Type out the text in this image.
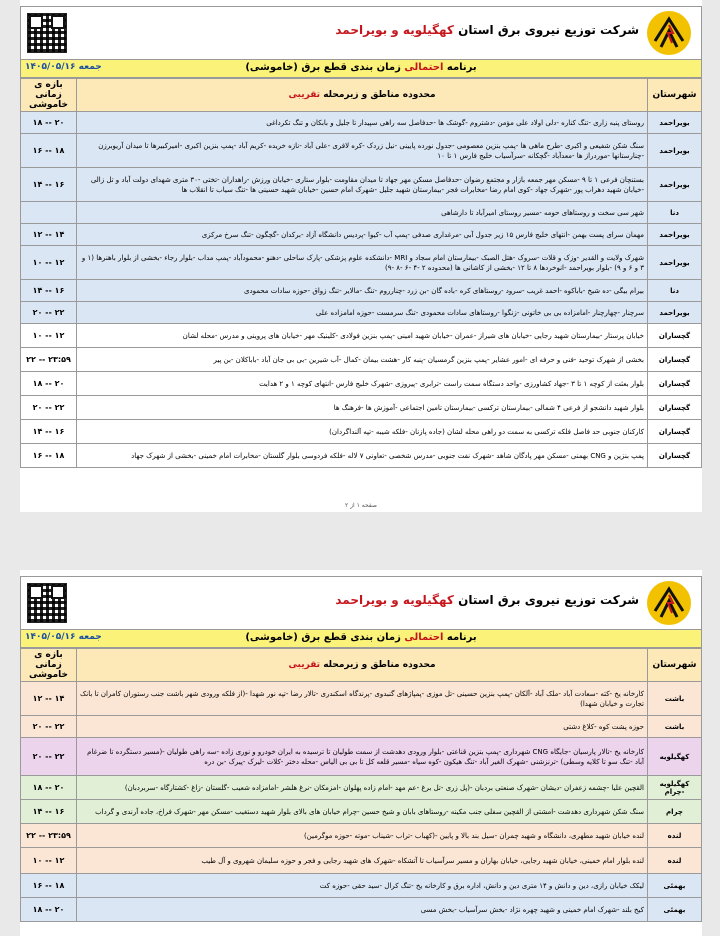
شرکت توزیع نیروی برق استان کهگیلویه و بویراحمد
برنامه احتمالی زمان بندی قطع برق (خاموشی)
جمعه ۱۴۰۵/۰۵/۱۶
شهرستان	محدوده مناطق و زیرمحله تقریبی	بازه ی زمانی خاموشی
بویراحمد	روستای پنبه زاری -تنگ کناره -دلی اولاد علی مؤمن -دشتروم -گوشک ها -حدفاصل سه راهی سپیدار تا جلیل و بابکان و تنگ تکرداغی	۱۸ -- ۲۰
بویراحمد	سنگ شکن شفیعی و اکبری -طرح ماهی ها -پمپ بنزین معصومی -جدول نورده پایینی -نیل زردک -کره لافری -علی آباد -نازه خریده -کریم آباد -پمپ بنزین اکبری -امیرکبیرها تا میدان آریوبرزن -چنارستانها -موردراز ها -معدآباد -گچکانه -سرآسیاب خلیج فارس ۱ تا ۱۰	۱۶ -- ۱۸
بویراحمد	بستنچان فرعی ۱ تا ۹ -مسکن مهر جمعه بازار و مجتمع رضوان -حدفاصل مسکن مهر جهاد تا میدان مقاومت -بلوار ستاری -خیابان ورزش -راهداران -تختی -۳۰ متری شهدای دولت آباد و تل زالی -خیابان شهید دهراب پور -شهرک جهاد -کوی امام رضا -مخابرات فجر -بیمارستان شهید جلیل -شهرک امام حسین -خیابان شهید حسینی ها -تنگ سیاب تا انقلاب ها	۱۴ -- ۱۶
دنا	شهر سی سخت و روستاهای حومه -مسیر روستای امیرآباد تا دارشاهی	
بویراحمد	مهمان سرای پست بهمن -انتهای خلیج فارس ۱۵ زیر جدول آبی -مرغداری صدفی -پمپ آب -کیوا -پردیس دانشگاه آزاد -برکدان -گچگون -تنگ سرخ مرکزی	۱۲ -- ۱۴
بویراحمد	شهرک ولایت و القدیر -وزک و قلات -سروک -هتل الصبک -بیمارستان امام سجاد و MRI -دانشکده علوم پزشکی -پارک ساحلی -دهنو -محمودآباد -پمپ مداب -بلوار رجاء -بخشی از بلوار باهنرها (۱ و ۳ و ۶ و ۹) -بلوار بویراحمد -انوخردها ۸ تا ۱۲ -بخشی از کاشانی ها (محدوده ۲ -۴ -۶ -۸ -۹)	۱۰ -- ۱۲
دنا	بیرام بیگی -ده شیخ -باباکوه -احمد غریب -سرود -روستاهای کره -باده گان -بن زرد -چنارروم -تنگ -مالایر -تنگ زواق -حوزه سادات محمودی	۱۴ -- ۱۶
بویراحمد	سرچنار -چهارچنار -امامزاده بی بی خاتونی -زنگوا -روستاهای سادات محمودی -تنگ سرمست -حوزه امامزاده علی	۲۰ -- ۲۲
گچساران	خیابان پرستار -بیمارستان شهید رجایی -خیابان های شیراز -عمران -خیابان شهید امینی -پمپ بنزین فولادی -کلینیک مهر -خیابان های پروینی و مدرس -محله لشان	۱۰ -- ۱۲
گچساران	بخشی از شهرک توحید -فنی و حرفه ای -امور عشایر -پمپ بنزین گرمسیان -پنبه کار -هشت بیمان -کمال -آب شیرین -بی بی جان آباد -باباکلان -بن پیر	۲۲ -- ۲۳:۵۹
گچساران	بلوار بعثت از کوچه ۱ تا ۳ -جهاد کشاورزی -واحد دستگاه سمت راست -ترابری -پیروزی -شهرک خلیج فارس -انتهای کوچه ۱ و ۲ هدایت	۱۸ -- ۲۰
گچساران	بلوار شهید دانشجو از فرعی ۴ شمالی -بیمارستان ترکسی -بیمارستان تامین اجتماعی -آموزش ها -فرهنگ ها	۲۰ -- ۲۲
گچساران	کارکنان جنوبی حد فاصل فلکه ترکسی به سمت دو راهی محله لشان (جاده پازنان -فلکه شیبه -تپه آلنداگردان)	۱۴ -- ۱۶
گچساران	پمپ بنزین و CNG بهمنی -مسکن مهر پادگان شاهد -شهرک نفت جنوبی -مدرس شخصی -تعاونی ۷ لاله -فلکه فردوسی بلوار گلستان -مخابرات امام خمینی -بخشی از شهرک جهاد	۱۶ -- ۱۸
صفحه ۱ از ۲
شرکت توزیع نیروی برق استان کهگیلویه و بویراحمد
برنامه احتمالی زمان بندی قطع برق (خاموشی)
جمعه ۱۴۰۵/۰۵/۱۶
شهرستان	محدوده مناطق و زیرمحله تقریبی	بازه ی زمانی خاموشی
باشت	کارخانه یخ -کته -سعادت آباد -ملک آباد -آلکان -پمپ بنزین حسینی -تل موزی -پمپاژهای گنبدوی -پرندگاه اسکندری -تالار رضا -تپه نور شهدا -(از فلکه ورودی شهر باشت جنب رستوران کامران تا بانک تجارت و خیابان شهدا)	۱۲ -- ۱۴
باشت	حوزه پشت کوه -کلاغ دشتی	۲۰ -- ۲۲
کهگیلویه	کارخانه یخ -تالار پارسیان -جایگاه CNG شهرداری -پمپ بنزین قناعتی -بلوار ورودی دهدشت از سمت طولیان تا ترسیده به ایران خودرو و نوری زاده -سه راهی طولیان -(مسیر دستگرده تا ضرغام آباد -تنگ سو تا کلایه وسطی) -ترنزشنی -شهرک الغیر آباد -تنگ هیکون -کوه سیاه -مسیر قلعه کل تا بی بی الیاس -محله دختر -کلات -لیرک -پیرک -بن دره	۲۰ -- ۲۲
کهگیلویه -چرام	القچین علیا -چشمه زعفران -دیشان -شهرک صنعتی بردبان -(پل زری -تل برغ -عم مهد -امام زاده پهلوان -امزمکان -نرغ هلشر -امامزاده شعیب -گلستان -زاغ -کشتارگاه -سربردبان)	۱۸ -- ۲۰
چرام	سنگ شکن شهرداری دهدشت -امشتی از القچین سفلی جنب مکینه -روستاهای بابان و شیخ حسین -چرام خیابان های بالای بلوار شهید دستغیب -مسکن مهر -شهرک فراخ، جاده آرندی و گرداب	۱۴ -- ۱۶
لنده	لنده خیابان شهید مطهری، دانشگاه و شهید چمران -سیل بند بالا و پایین -(کهباب -تراب -شیناب -موته -حوزه موگرمین)	۲۲ -- ۲۳:۵۹
لنده	لنده بلوار امام خمینی، خیابان شهید رجایی، خیابان بهاران و مسیر سرآسیاب تا آتشکاه -شهرک های شهید رجایی و فجر و حوزه سلیمان شهروی و آل طیب	۱۰ -- ۱۲
بهمئی	لیکک خیابان رازی، دین و دانش و ۱۴ متری دین و دانش، اداره برق و کارخانه یخ -تنگ کرال -سید حقی -حوزه کت	۱۶ -- ۱۸
بهمئی	کیخ بلند -شهرک امام خمینی و شهید چهره نژاد -بخش سرآسیاب -بخش مسی	۱۸ -- ۲۰
